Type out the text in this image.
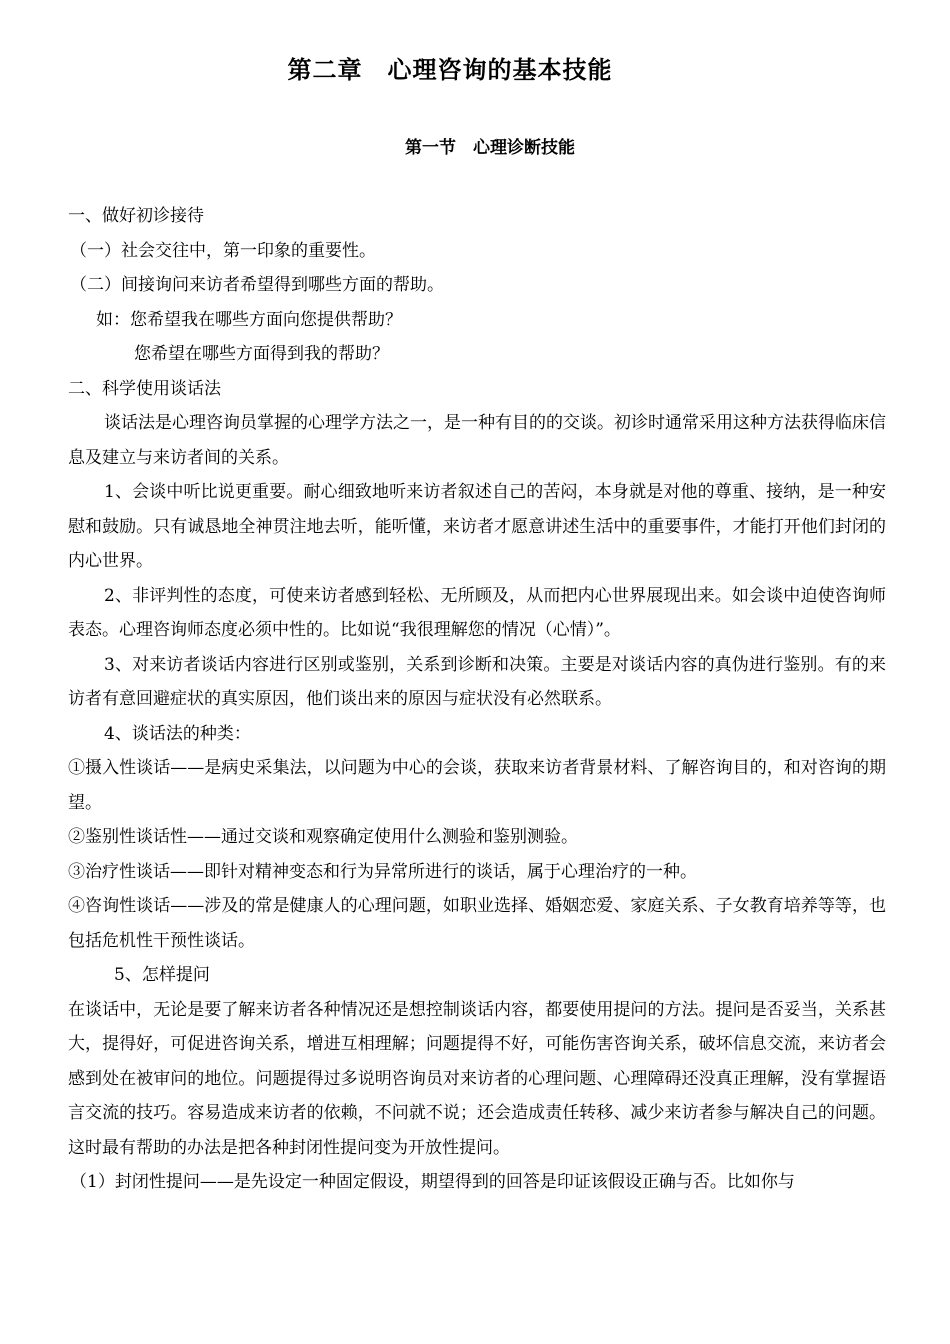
第二章　心理咨询的基本技能
第一节　心理诊断技能

一、做好初诊接待

（一）社会交往中，第一印象的重要性。

（二）间接询问来访者希望得到哪些方面的帮助。

如：您希望我在哪些方面向您提供帮助？

您希望在哪些方面得到我的帮助？

二、科学使用谈话法

谈话法是心理咨询员掌握的心理学方法之一，是一种有目的的交谈。初诊时通常采用这种方法获得临床信息及建立与来访者间的关系。

1、会谈中听比说更重要。耐心细致地听来访者叙述自己的苦闷，本身就是对他的尊重、接纳，是一种安慰和鼓励。只有诚恳地全神贯注地去听，能听懂，来访者才愿意讲述生活中的重要事件，才能打开他们封闭的内心世界。

2、非评判性的态度，可使来访者感到轻松、无所顾及，从而把内心世界展现出来。如会谈中迫使咨询师表态。心理咨询师态度必须中性的。比如说“我很理解您的情况（心情）”。

3、对来访者谈话内容进行区别或鉴别，关系到诊断和决策。主要是对谈话内容的真伪进行鉴别。有的来访者有意回避症状的真实原因，他们谈出来的原因与症状没有必然联系。

4、谈话法的种类：

①摄入性谈话——是病史采集法，以问题为中心的会谈，获取来访者背景材料、了解咨询目的，和对咨询的期望。

②鉴别性谈话性——通过交谈和观察确定使用什么测验和鉴别测验。

③治疗性谈话——即针对精神变态和行为异常所进行的谈话，属于心理治疗的一种。

④咨询性谈话——涉及的常是健康人的心理问题，如职业选择、婚姻恋爱、家庭关系、子女教育培养等等，也包括危机性干预性谈话。

5、怎样提问

在谈话中，无论是要了解来访者各种情况还是想控制谈话内容，都要使用提问的方法。提问是否妥当，关系甚大，提得好，可促进咨询关系，增进互相理解；问题提得不好，可能伤害咨询关系，破坏信息交流，来访者会感到处在被审问的地位。问题提得过多说明咨询员对来访者的心理问题、心理障碍还没真正理解，没有掌握语言交流的技巧。容易造成来访者的依赖，不问就不说；还会造成责任转移、减少来访者参与解决自己的问题。这时最有帮助的办法是把各种封闭性提问变为开放性提问。

（1）封闭性提问——是先设定一种固定假设，期望得到的回答是印证该假设正确与否。比如你与
